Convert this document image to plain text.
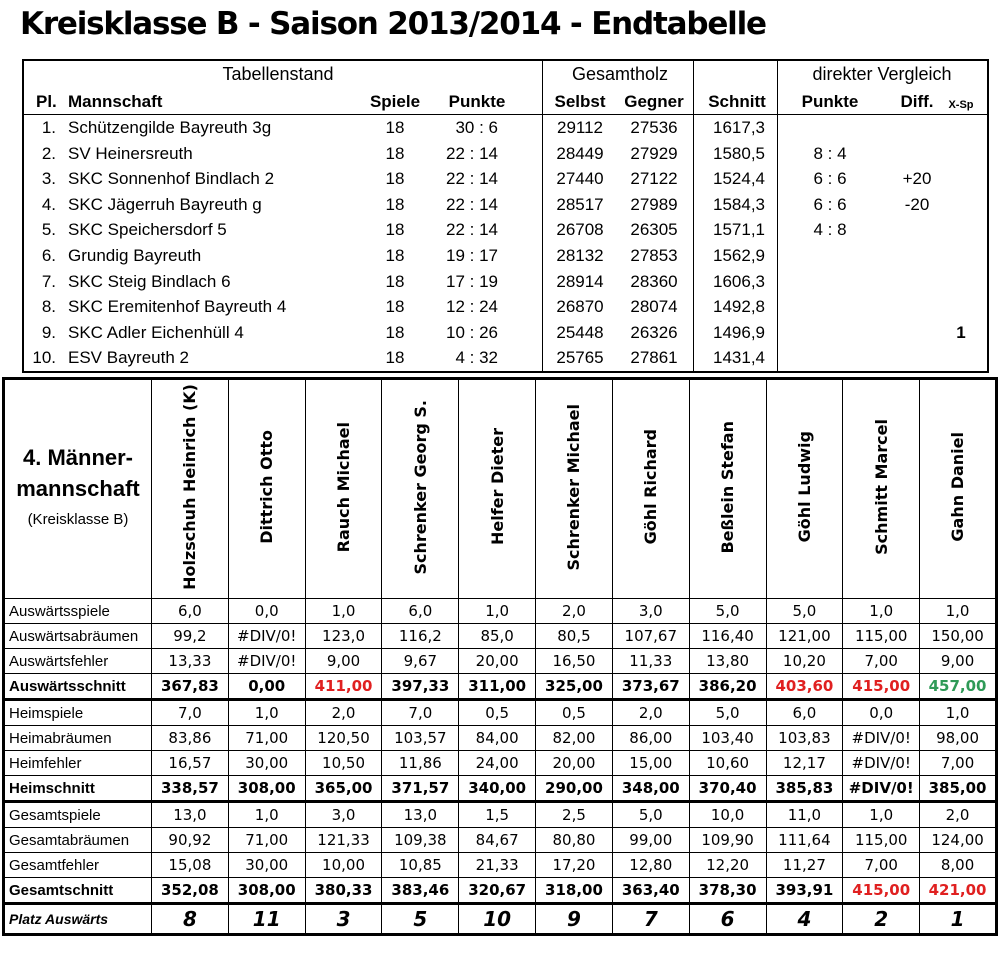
Kreisklasse B - Saison 2013/2014 - Endtabelle
Tabellenstand	Gesamtholz	direkter Vergleich
Pl. Mannschaft	Spiele Punkte	Selbst Gegner Schnitt Punkte Diff. X-Sp
1. Schützengilde Bayreuth 3g	18	30 : 6	29112 27536 1617,3
2. SV Heinersreuth	18 22 : 14	28449 27929 1580,5	8 : 4
3. SKC Sonnenhof Bindlach 2	18 22 : 14	27440 27122 1524,4	6 : 6	+20
4. SKC Jägerruh Bayreuth g	18 22 : 14	28517 27989 1584,3	6 : 6	-20
5. SKC Speichersdorf 5	18 22 : 14	26708 26305 1571,1	4 : 8
6. Grundig Bayreuth	18 19 : 17	28132 27853 1562,9
7. SKC Steig Bindlach 6	18 17 : 19	28914 28360 1606,3
8. SKC Eremitenhof Bayreuth 4	18 12 : 24	26870 28074 1492,8
9. SKC Adler Eichenhüll 4	18 10 : 26	25448 26326 1496,9	1
10. ESV Bayreuth 2	18	4 : 32	25765 27861 1431,4
4. Männer-mannschaft
(Kreisklasse B)	Holzschuh Heinrich (K)	Dittrich Otto	Rauch Michael	Schrenker Georg S.	Helfer Dieter	Schrenker Michael	Göhl Richard	Beßlein Stefan	Göhl Ludwig	Schmitt Marcel	Gahn Daniel
Auswärtsspiele	6,0	0,0	1,0	6,0	1,0	2,0	3,0	5,0	5,0	1,0	1,0
Auswärtsabräumen	99,2	#DIV/0!	123,0	116,2	85,0	80,5	107,67	116,40	121,00	115,00	150,00
Auswärtsfehler	13,33	#DIV/0!	9,00	9,67	20,00	16,50	11,33	13,80	10,20	7,00	9,00
Auswärtsschnitt	367,83	0,00	411,00	397,33	311,00	325,00	373,67	386,20	403,60	415,00	457,00
Heimspiele	7,0	1,0	2,0	7,0	0,5	0,5	2,0	5,0	6,0	0,0	1,0
Heimabräumen	83,86	71,00	120,50	103,57	84,00	82,00	86,00	103,40	103,83	#DIV/0!	98,00
Heimfehler	16,57	30,00	10,50	11,86	24,00	20,00	15,00	10,60	12,17	#DIV/0!	7,00
Heimschnitt	338,57	308,00	365,00	371,57	340,00	290,00	348,00	370,40	385,83	#DIV/0!	385,00
Gesamtspiele	13,0	1,0	3,0	13,0	1,5	2,5	5,0	10,0	11,0	1,0	2,0
Gesamtabräumen	90,92	71,00	121,33	109,38	84,67	80,80	99,00	109,90	111,64	115,00	124,00
Gesamtfehler	15,08	30,00	10,00	10,85	21,33	17,20	12,80	12,20	11,27	7,00	8,00
Gesamtschnitt	352,08	308,00	380,33	383,46	320,67	318,00	363,40	378,30	393,91	415,00	421,00
Platz Auswärts	8	11	3	5	10	9	7	6	4	2	1
